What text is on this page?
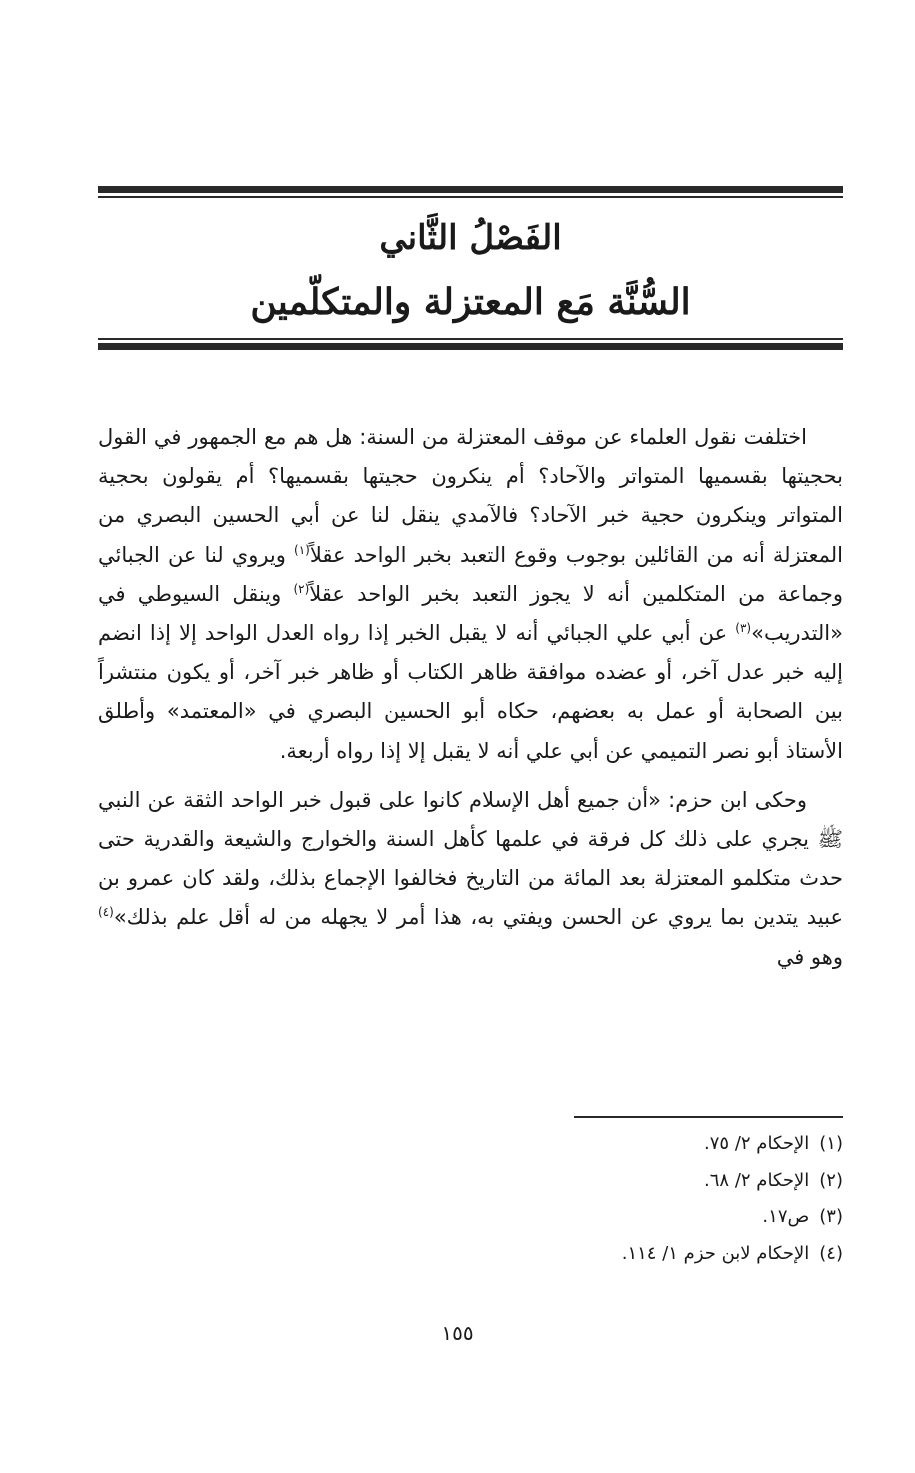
الفَصْلُ الثَّاني
السُّنَّة مَع المعتزلة والمتكلّمين

اختلفت نقول العلماء عن موقف المعتزلة من السنة: هل هم مع الجمهور في القول بحجيتها بقسميها المتواتر والآحاد؟ أم ينكرون حجيتها بقسميها؟ أم يقولون بحجية المتواتر وينكرون حجية خبر الآحاد؟ فالآمدي ينقل لنا عن أبي الحسين البصري من المعتزلة أنه من القائلين بوجوب وقوع التعبد بخبر الواحد عقلاً$^{(١)}$ ويروي لنا عن الجبائي وجماعة من المتكلمين أنه لا يجوز التعبد بخبر الواحد عقلاً$^{(٢)}$ وينقل السيوطي في «التدريب»$^{(٣)}$ عن أبي علي الجبائي أنه لا يقبل الخبر إذا رواه العدل الواحد إلا إذا انضم إليه خبر عدل آخر، أو عضده موافقة ظاهر الكتاب أو ظاهر خبر آخر، أو يكون منتشراً بين الصحابة أو عمل به بعضهم، حكاه أبو الحسين البصري في «المعتمد» وأطلق الأستاذ أبو نصر التميمي عن أبي علي أنه لا يقبل إلا إذا رواه أربعة.

وحكى ابن حزم: «أن جميع أهل الإسلام كانوا على قبول خبر الواحد الثقة عن النبي ﷺ يجري على ذلك كل فرقة في علمها كأهل السنة والخوارج والشيعة والقدرية حتى حدث متكلمو المعتزلة بعد المائة من التاريخ فخالفوا الإجماع بذلك، ولقد كان عمرو بن عبيد يتدين بما يروي عن الحسن ويفتي به، هذا أمر لا يجهله من له أقل علم بذلك»$^{(٤)}$ وهو في

(١)الإحكام ٢/ ٧٥.
(٢)الإحكام ٢/ ٦٨.
(٣)ص١٧.
(٤)الإحكام لابن حزم ١/ ١١٤.
١٥٥
